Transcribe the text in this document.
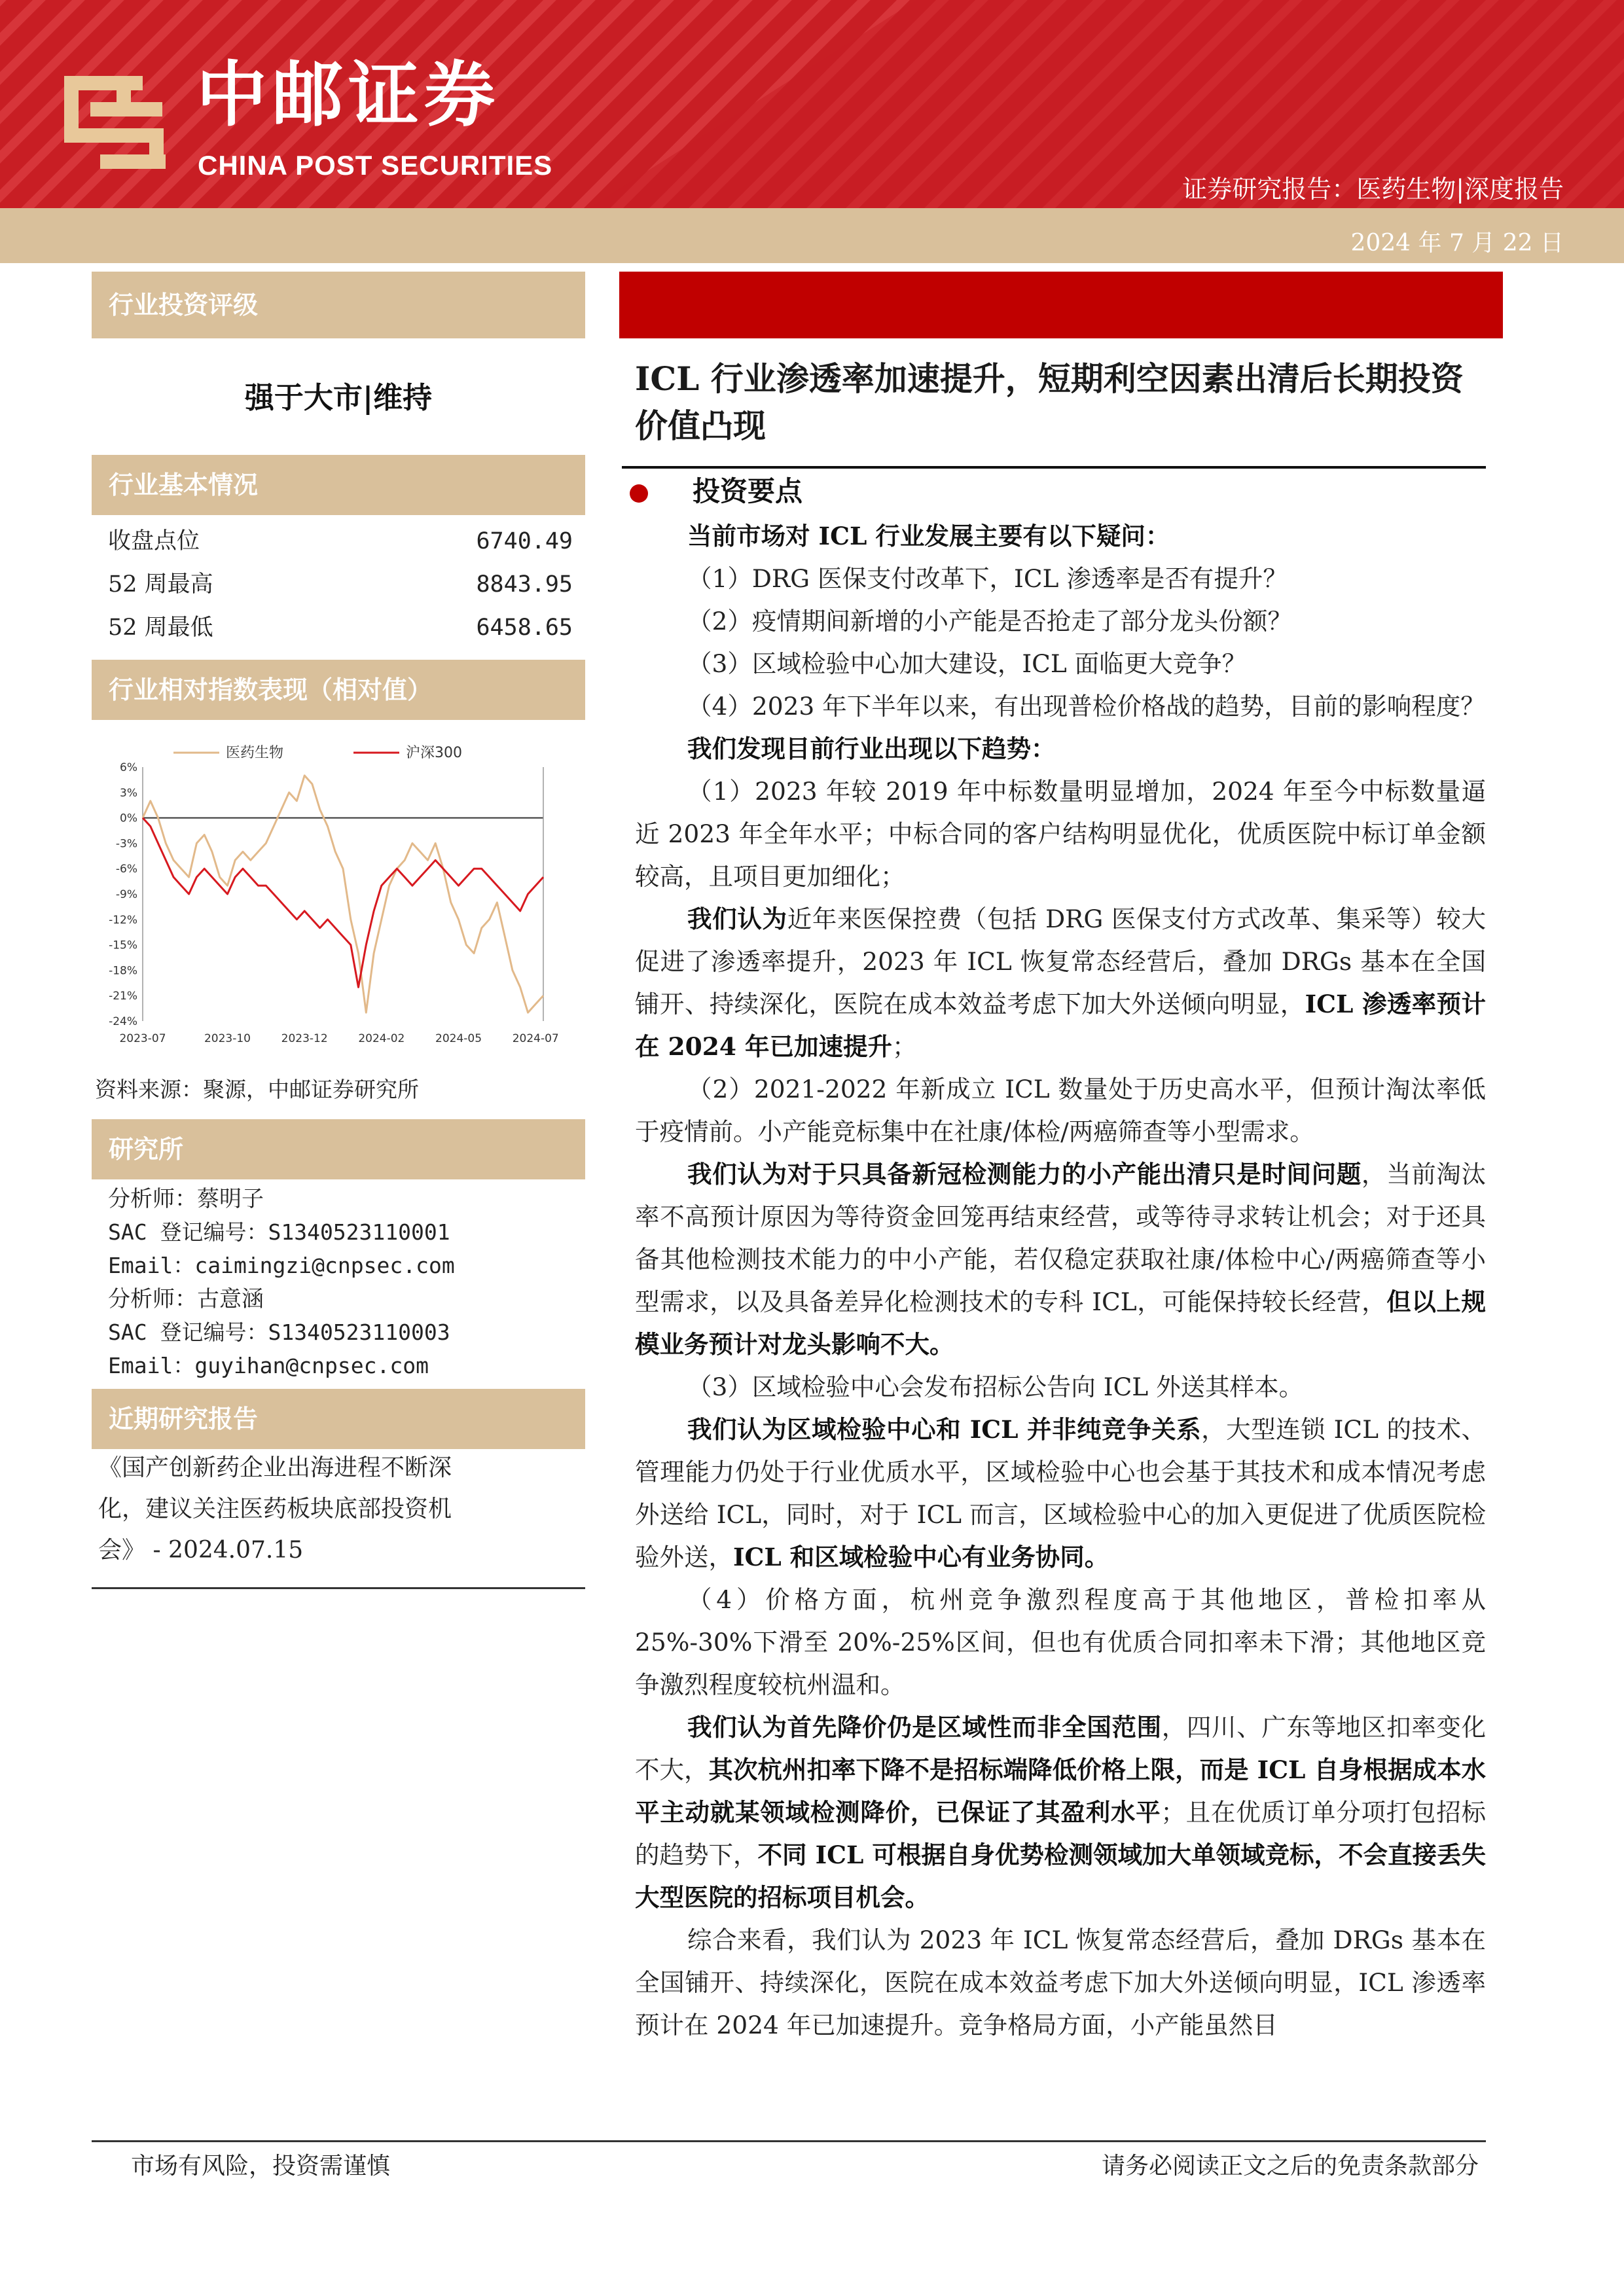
中邮证券
CHINA POST SECURITIES
证券研究报告：医药生物|深度报告
2024 年 7 月 22 日
行业投资评级
强于大市|维持
行业基本情况
收盘点位	6740.49
52 周最高	8843.95
52 周最低	6458.65
行业相对指数表现（相对值）
6%
3%
0%
-3%
-6%
-9%
-12%
-15%
-18%
-21%
-24%
2023-07	2023-10	2023-12	2024-02	2024-05	2024-07
医药生物	沪深300
资料来源：聚源，中邮证券研究所
研究所
分析师：蔡明子
SAC 登记编号：S1340523110001
Email：caimingzi@cnpsec.com
分析师：古意涵
SAC 登记编号：S1340523110003
Email：guyihan@cnpsec.com
近期研究报告
《国产创新药企业出海进程不断深
化，建议关注医药板块底部投资机
会》 - 2024.07.15
ICL 行业渗透率加速提升，短期利空因素出清后长期投资价值凸现
投资要点
当前市场对 ICL 行业发展主要有以下疑问：
（1）DRG 医保支付改革下，ICL 渗透率是否有提升？
（2）疫情期间新增的小产能是否抢走了部分龙头份额？
（3）区域检验中心加大建设，ICL 面临更大竞争？
（4）2023 年下半年以来，有出现普检价格战的趋势，目前的影响程度？
我们发现目前行业出现以下趋势：
（1）2023 年较 2019 年中标数量明显增加，2024 年至今中标数量逼近 2023 年全年水平；中标合同的客户结构明显优化，优质医院中标订单金额较高，且项目更加细化；
我们认为近年来医保控费（包括 DRG 医保支付方式改革、集采等）较大促进了渗透率提升，2023 年 ICL 恢复常态经营后，叠加 DRGs 基本在全国铺开、持续深化，医院在成本效益考虑下加大外送倾向明显，ICL 渗透率预计在 2024 年已加速提升；
（2）2021-2022 年新成立 ICL 数量处于历史高水平，但预计淘汰率低于疫情前。小产能竞标集中在社康/体检/两癌筛查等小型需求。
我们认为对于只具备新冠检测能力的小产能出清只是时间问题，当前淘汰率不高预计原因为等待资金回笼再结束经营，或等待寻求转让机会；对于还具备其他检测技术能力的中小产能，若仅稳定获取社康/体检中心/两癌筛查等小型需求，以及具备差异化检测技术的专科 ICL，可能保持较长经营，但以上规模业务预计对龙头影响不大。
（3）区域检验中心会发布招标公告向 ICL 外送其样本。
我们认为区域检验中心和 ICL 并非纯竞争关系，大型连锁 ICL 的技术、管理能力仍处于行业优质水平，区域检验中心也会基于其技术和成本情况考虑外送给 ICL，同时，对于 ICL 而言，区域检验中心的加入更促进了优质医院检验外送，ICL 和区域检验中心有业务协同。
（4）价格方面，杭州竞争激烈程度高于其他地区，普检扣率从 25%-30%下滑至 20%-25%区间，但也有优质合同扣率未下滑；其他地区竞争激烈程度较杭州温和。
我们认为首先降价仍是区域性而非全国范围，四川、广东等地区扣率变化不大，其次杭州扣率下降不是招标端降低价格上限，而是 ICL 自身根据成本水平主动就某领域检测降价，已保证了其盈利水平；且在优质订单分项打包招标的趋势下，不同 ICL 可根据自身优势检测领域加大单领域竞标，不会直接丢失大型医院的招标项目机会。
综合来看，我们认为 2023 年 ICL 恢复常态经营后，叠加 DRGs 基本在全国铺开、持续深化，医院在成本效益考虑下加大外送倾向明显，ICL 渗透率预计在 2024 年已加速提升。竞争格局方面，小产能虽然目
市场有风险，投资需谨慎	请务必阅读正文之后的免责条款部分
